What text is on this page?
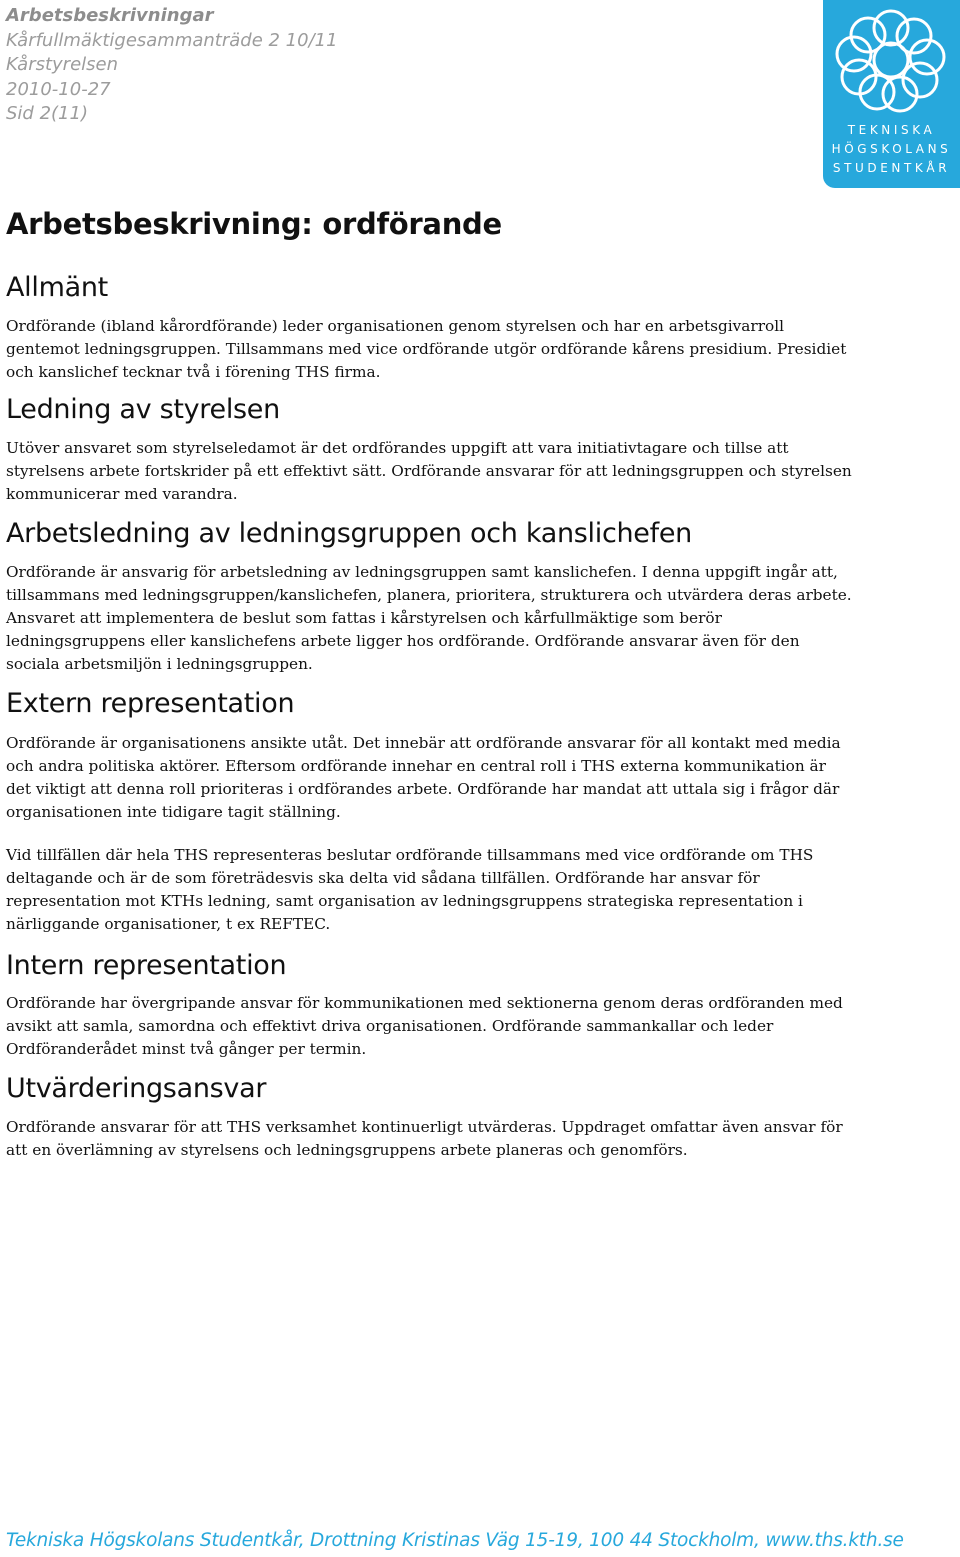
Arbetsbeskrivningar
Kårfullmäktigesammanträde 2 10/11
Kårstyrelsen
2010-10-27
Sid 2(11)
TEKNISKA
HÖGSKOLANS
STUDENTKÅR
Arbetsbeskrivning: ordförande
Allmänt

Ordförande (ibland kårordförande) leder organisationen genom styrelsen och har en arbetsgivarroll gentemot ledningsgruppen. Tillsammans med vice ordförande utgör ordförande kårens presidium. Presidiet och kanslichef tecknar två i förening THS firma.

Ledning av styrelsen

Utöver ansvaret som styrelseledamot är det ordförandes uppgift att vara initiativtagare och tillse att styrelsens arbete fortskrider på ett effektivt sätt. Ordförande ansvarar för att ledningsgruppen och styrelsen kommunicerar med varandra.

Arbetsledning av ledningsgruppen och kanslichefen

Ordförande är ansvarig för arbetsledning av ledningsgruppen samt kanslichefen. I denna uppgift ingår att, tillsammans med ledningsgruppen/kanslichefen, planera, prioritera, strukturera och utvärdera deras arbete. Ansvaret att implementera de beslut som fattas i kårstyrelsen och kårfullmäktige som berör ledningsgruppens eller kanslichefens arbete ligger hos ordförande. Ordförande ansvarar även för den sociala arbetsmiljön i ledningsgruppen.

Extern representation

Ordförande är organisationens ansikte utåt. Det innebär att ordförande ansvarar för all kontakt med media och andra politiska aktörer. Eftersom ordförande innehar en central roll i THS externa kommunikation är det viktigt att denna roll prioriteras i ordförandes arbete. Ordförande har mandat att uttala sig i frågor där organisationen inte tidigare tagit ställning.

Vid tillfällen där hela THS representeras beslutar ordförande tillsammans med vice ordförande om THS deltagande och är de som företrädesvis ska delta vid sådana tillfällen. Ordförande har ansvar för representation mot KTHs ledning, samt organisation av ledningsgruppens strategiska representation i närliggande organisationer, t ex REFTEC.

Intern representation

Ordförande har övergripande ansvar för kommunikationen med sektionerna genom deras ordföranden med avsikt att samla, samordna och effektivt driva organisationen. Ordförande sammankallar och leder Ordföranderådet minst två gånger per termin.

Utvärderingsansvar

Ordförande ansvarar för att THS verksamhet kontinuerligt utvärderas. Uppdraget omfattar även ansvar för att en överlämning av styrelsens och ledningsgruppens arbete planeras och genomförs.

Tekniska Högskolans Studentkår, Drottning Kristinas Väg 15-19, 100 44 Stockholm, www.ths.kth.se
